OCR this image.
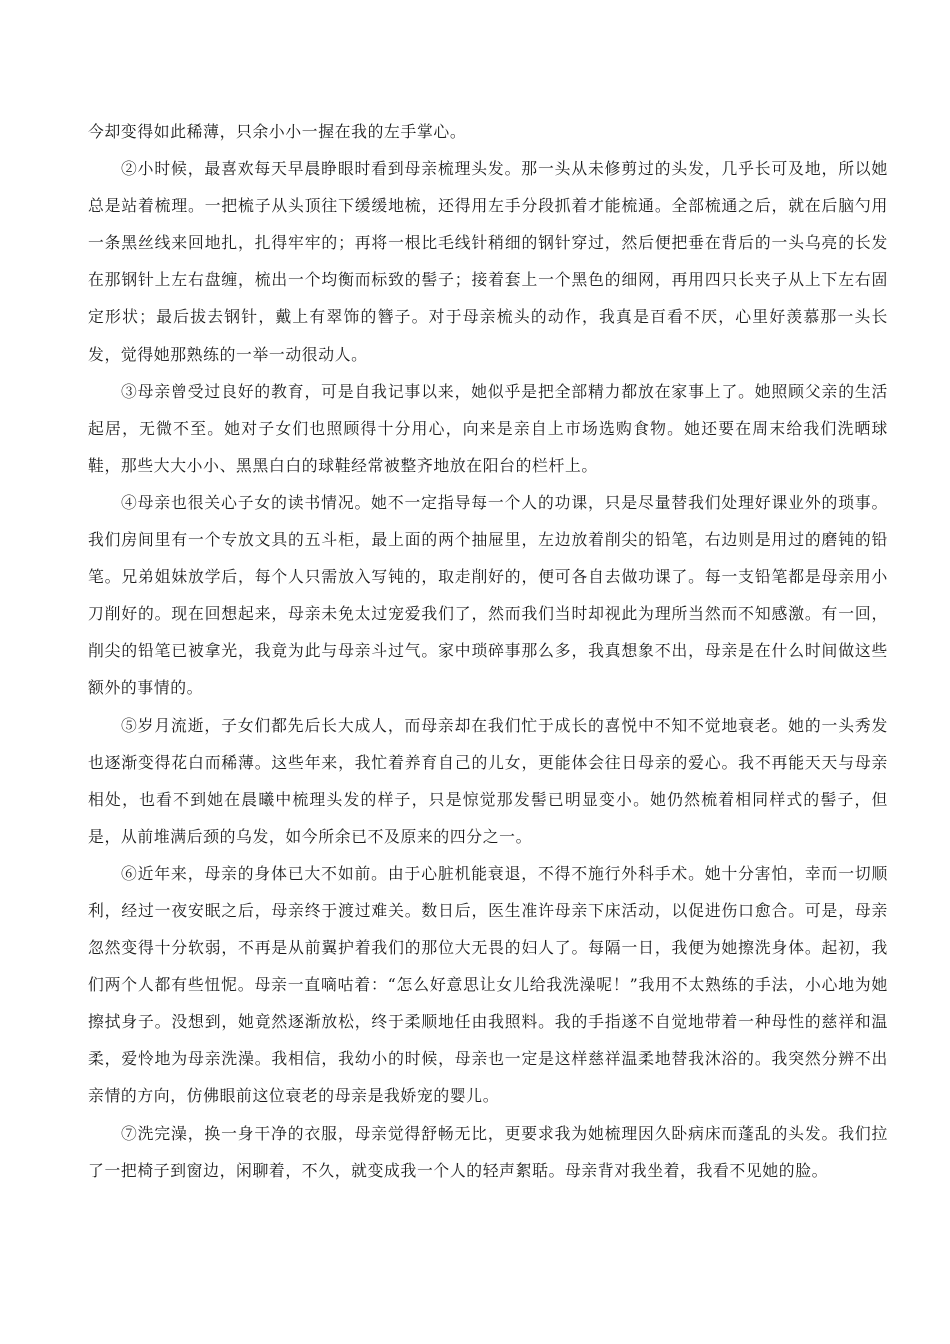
今却变得如此稀薄，只余小小一握在我的左手掌心。

②小时候，最喜欢每天早晨睁眼时看到母亲梳理头发。那一头从未修剪过的头发，几乎长可及地，所以她总是站着梳理。一把梳子从头顶往下缓缓地梳，还得用左手分段抓着才能梳通。全部梳通之后，就在后脑勺用一条黑丝线来回地扎，扎得牢牢的；再将一根比毛线针稍细的钢针穿过，然后便把垂在背后的一头乌亮的长发在那钢针上左右盘缠，梳出一个均衡而标致的髻子；接着套上一个黑色的细网，再用四只长夹子从上下左右固定形状；最后拔去钢针，戴上有翠饰的簪子。对于母亲梳头的动作，我真是百看不厌，心里好羡慕那一头长发，觉得她那熟练的一举一动很动人。

③母亲曾受过良好的教育，可是自我记事以来，她似乎是把全部精力都放在家事上了。她照顾父亲的生活起居，无微不至。她对子女们也照顾得十分用心，向来是亲自上市场选购食物。她还要在周末给我们洗晒球鞋，那些大大小小、黑黑白白的球鞋经常被整齐地放在阳台的栏杆上。

④母亲也很关心子女的读书情况。她不一定指导每一个人的功课，只是尽量替我们处理好课业外的琐事。我们房间里有一个专放文具的五斗柜，最上面的两个抽屉里，左边放着削尖的铅笔，右边则是用过的磨钝的铅笔。兄弟姐妹放学后，每个人只需放入写钝的，取走削好的，便可各自去做功课了。每一支铅笔都是母亲用小刀削好的。现在回想起来，母亲未免太过宠爱我们了，然而我们当时却视此为理所当然而不知感激。有一回，削尖的铅笔已被拿光，我竟为此与母亲斗过气。家中琐碎事那么多，我真想象不出，母亲是在什么时间做这些额外的事情的。

⑤岁月流逝，子女们都先后长大成人，而母亲却在我们忙于成长的喜悦中不知不觉地衰老。她的一头秀发也逐渐变得花白而稀薄。这些年来，我忙着养育自己的儿女，更能体会往日母亲的爱心。我不再能天天与母亲相处，也看不到她在晨曦中梳理头发的样子，只是惊觉那发髻已明显变小。她仍然梳着相同样式的髻子，但是，从前堆满后颈的乌发，如今所余已不及原来的四分之一。

⑥近年来，母亲的身体已大不如前。由于心脏机能衰退，不得不施行外科手术。她十分害怕，幸而一切顺利，经过一夜安眠之后，母亲终于渡过难关。数日后，医生准许母亲下床活动，以促进伤口愈合。可是，母亲忽然变得十分软弱，不再是从前翼护着我们的那位大无畏的妇人了。每隔一日，我便为她擦洗身体。起初，我们两个人都有些忸怩。母亲一直嘀咕着：“怎么好意思让女儿给我洗澡呢！”我用不太熟练的手法，小心地为她擦拭身子。没想到，她竟然逐渐放松，终于柔顺地任由我照料。我的手指遂不自觉地带着一种母性的慈祥和温柔，爱怜地为母亲洗澡。我相信，我幼小的时候，母亲也一定是这样慈祥温柔地替我沐浴的。我突然分辨不出亲情的方向，仿佛眼前这位衰老的母亲是我娇宠的婴儿。

⑦洗完澡，换一身干净的衣服，母亲觉得舒畅无比，更要求我为她梳理因久卧病床而蓬乱的头发。我们拉了一把椅子到窗边，闲聊着，不久，就变成我一个人的轻声絮聒。母亲背对我坐着，我看不见她的脸。
